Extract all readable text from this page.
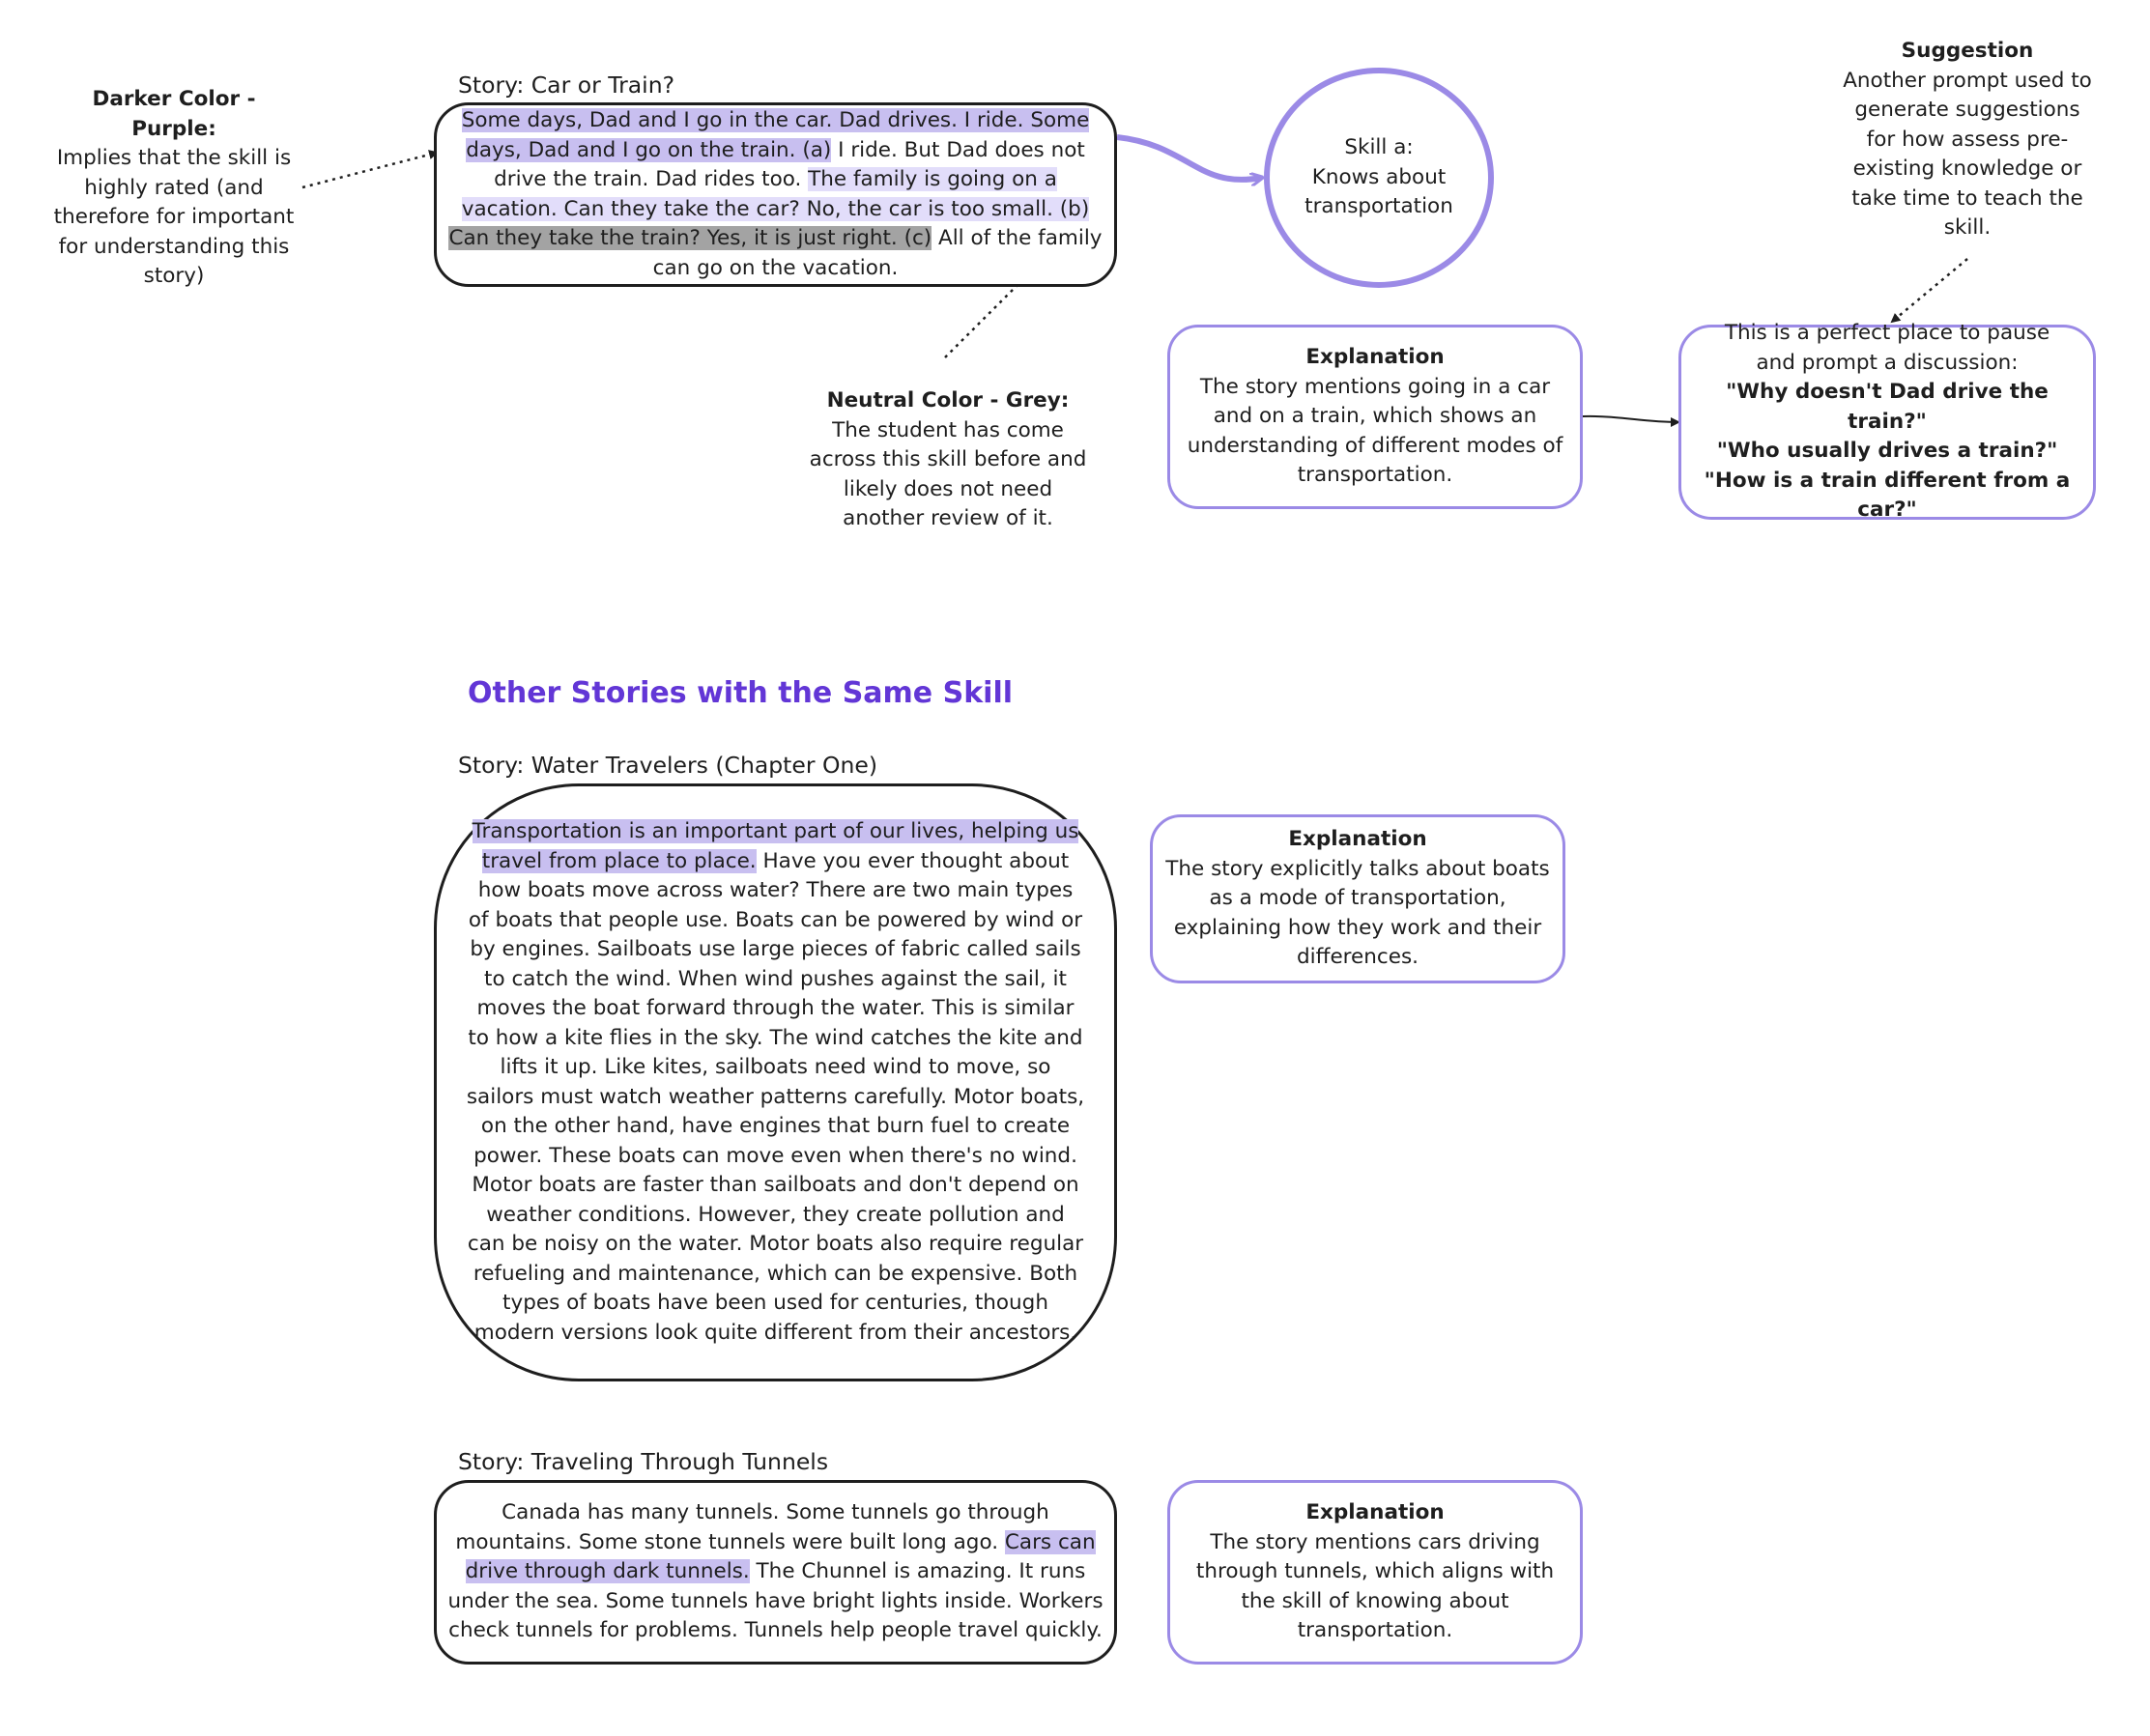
Darker Color - Purple:
Implies that the skill is highly rated (and therefore for important for understanding this story)
Story: Car or Train?
Some days, Dad and I go in the car. Dad drives. I ride. Some days, Dad and I go on the train. (a) I ride. But Dad does not drive the train. Dad rides too. The family is going on a vacation. Can they take the car? No, the car is too small. (b) Can they take the train? Yes, it is just right. (c) All of the family can go on the vacation.
Skill a:
Knows about transportation
Suggestion
Another prompt used to generate suggestions for how assess pre-existing knowledge or take time to teach the skill.
Explanation
The story mentions going in a car and on a train, which shows an understanding of different modes of transportation.
This is a perfect place to pause and prompt a discussion:
"Why doesn't Dad drive the train?"
"Who usually drives a train?"
"How is a train different from a car?"
Neutral Color - Grey:
The student has come across this skill before and likely does not need another review of it.
Other Stories with the Same Skill
Story: Water Travelers (Chapter One)
Transportation is an important part of our lives, helping us travel from place to place. Have you ever thought about how boats move across water? There are two main types of boats that people use. Boats can be powered by wind or by engines. Sailboats use large pieces of fabric called sails to catch the wind. When wind pushes against the sail, it moves the boat forward through the water. This is similar to how a kite flies in the sky. The wind catches the kite and lifts it up. Like kites, sailboats need wind to move, so sailors must watch weather patterns carefully. Motor boats, on the other hand, have engines that burn fuel to create power. These boats can move even when there's no wind. Motor boats are faster than sailboats and don't depend on weather conditions. However, they create pollution and can be noisy on the water. Motor boats also require regular refueling and maintenance, which can be expensive. Both types of boats have been used for centuries, though modern versions look quite different from their ancestors.
Explanation
The story explicitly talks about boats as a mode of transportation, explaining how they work and their differences.
Story: Traveling Through Tunnels
Canada has many tunnels. Some tunnels go through mountains. Some stone tunnels were built long ago. Cars can drive through dark tunnels. The Chunnel is amazing. It runs under the sea. Some tunnels have bright lights inside. Workers check tunnels for problems. Tunnels help people travel quickly.
Explanation
The story mentions cars driving through tunnels, which aligns with the skill of knowing about transportation.
